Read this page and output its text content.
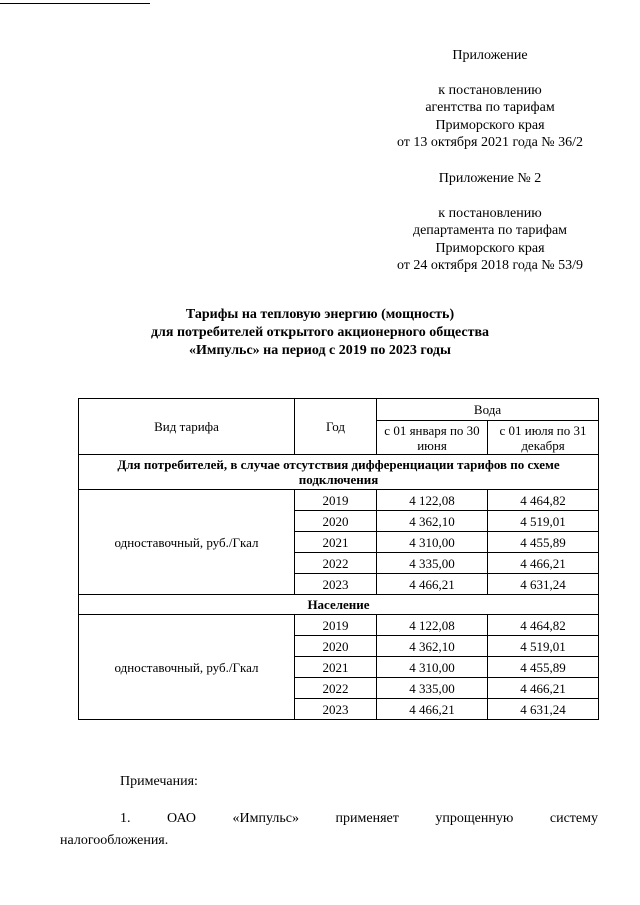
Приложение
к постановлению
агентства по тарифам
Приморского края
от 13 октября 2021 года № 36/2
Приложение № 2
к постановлению
департамента по тарифам
Приморского края
от 24 октября 2018 года № 53/9
Тарифы на тепловую энергию (мощность)
для потребителей открытого акционерного общества
«Импульс» на период с 2019 по 2023 годы
Вид тарифа	Год	Вода	
		с 01 января по 30 июня	с 01 июля по 31 декабря
Для потребителей, в случае отсутствия дифференциации тарифов по схеме подключения			
одноставочный, руб./Гкал	2019	4 122,08	4 464,82
	2020	4 362,10	4 519,01
	2021	4 310,00	4 455,89
	2022	4 335,00	4 466,21
	2023	4 466,21	4 631,24
Население			
одноставочный, руб./Гкал	2019	4 122,08	4 464,82
	2020	4 362,10	4 519,01
	2021	4 310,00	4 455,89
	2022	4 335,00	4 466,21
	2023	4 466,21	4 631,24
Примечания:
1.	ОАО	«Импульс»	применяет	упрощенную	систему
налогообложения.
